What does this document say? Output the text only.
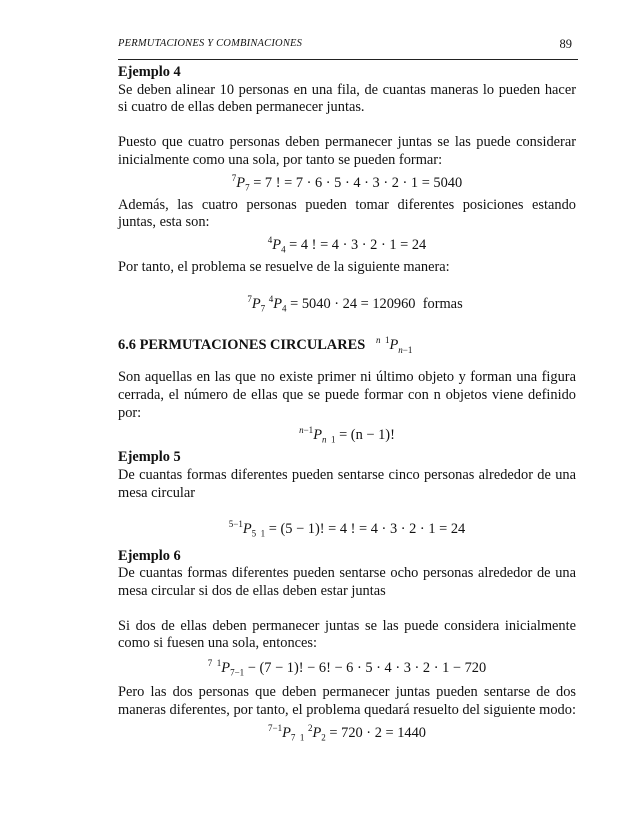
PERMUTACIONES Y COMBINACIONES	89

Ejemplo 4

Se deben alinear 10 personas en una fila, de cuantas maneras lo pueden hacer si cuatro de ellas deben permanecer juntas.

Puesto que cuatro personas deben permanecer juntas se las puede considerar inicialmente como una sola, por tanto se pueden formar:

$^7P_7 = 7$ ! = 7 · 6 · 5 · 4 · 3 · 2 · 1 = 5040

Además, las cuatro personas pueden tomar diferentes posiciones estando juntas, esta son:

$^4P_4 = 4$ ! = 4 · 3 · 2 · 1 = 24

Por tanto, el problema se resuelve de la siguiente manera:

$^7P_7$ $^4P_4 = 5040 \cdot 24 = 120960$ formas

6.6 PERMUTACIONES CIRCULARES $^{n 1}P_{n-1}$

Son aquellas en las que no existe primer ni último objeto y forman una figura cerrada, el número de ellas que se puede formar con n objetos viene definido por:

$^{n-1}P_{n 1} = (n - 1)$!

Ejemplo 5

De cuantas formas diferentes pueden sentarse cinco personas alrededor de una mesa circular

$^{5-1}P_{5 1} = (5 - 1)$! = 4 ! = 4 · 3 · 2 · 1 = 24

Ejemplo 6

De cuantas formas diferentes pueden sentarse ocho personas alrededor de una mesa circular si dos de ellas deben estar juntas

Si dos de ellas deben permanecer juntas se las puede considera inicialmente como si fuesen una sola, entonces:

$^{7 1}P_{7-1} - (7 - 1)$! − 6! − 6 · 5 · 4 · 3 · 2 · 1 − 720

Pero las dos personas que deben permanecer juntas pueden sentarse de dos maneras diferentes, por tanto, el problema quedará resuelto del siguiente modo:

$^{7-1}P_{7 1}$ $^2P_2 = 720 \cdot 2 = 1440$
